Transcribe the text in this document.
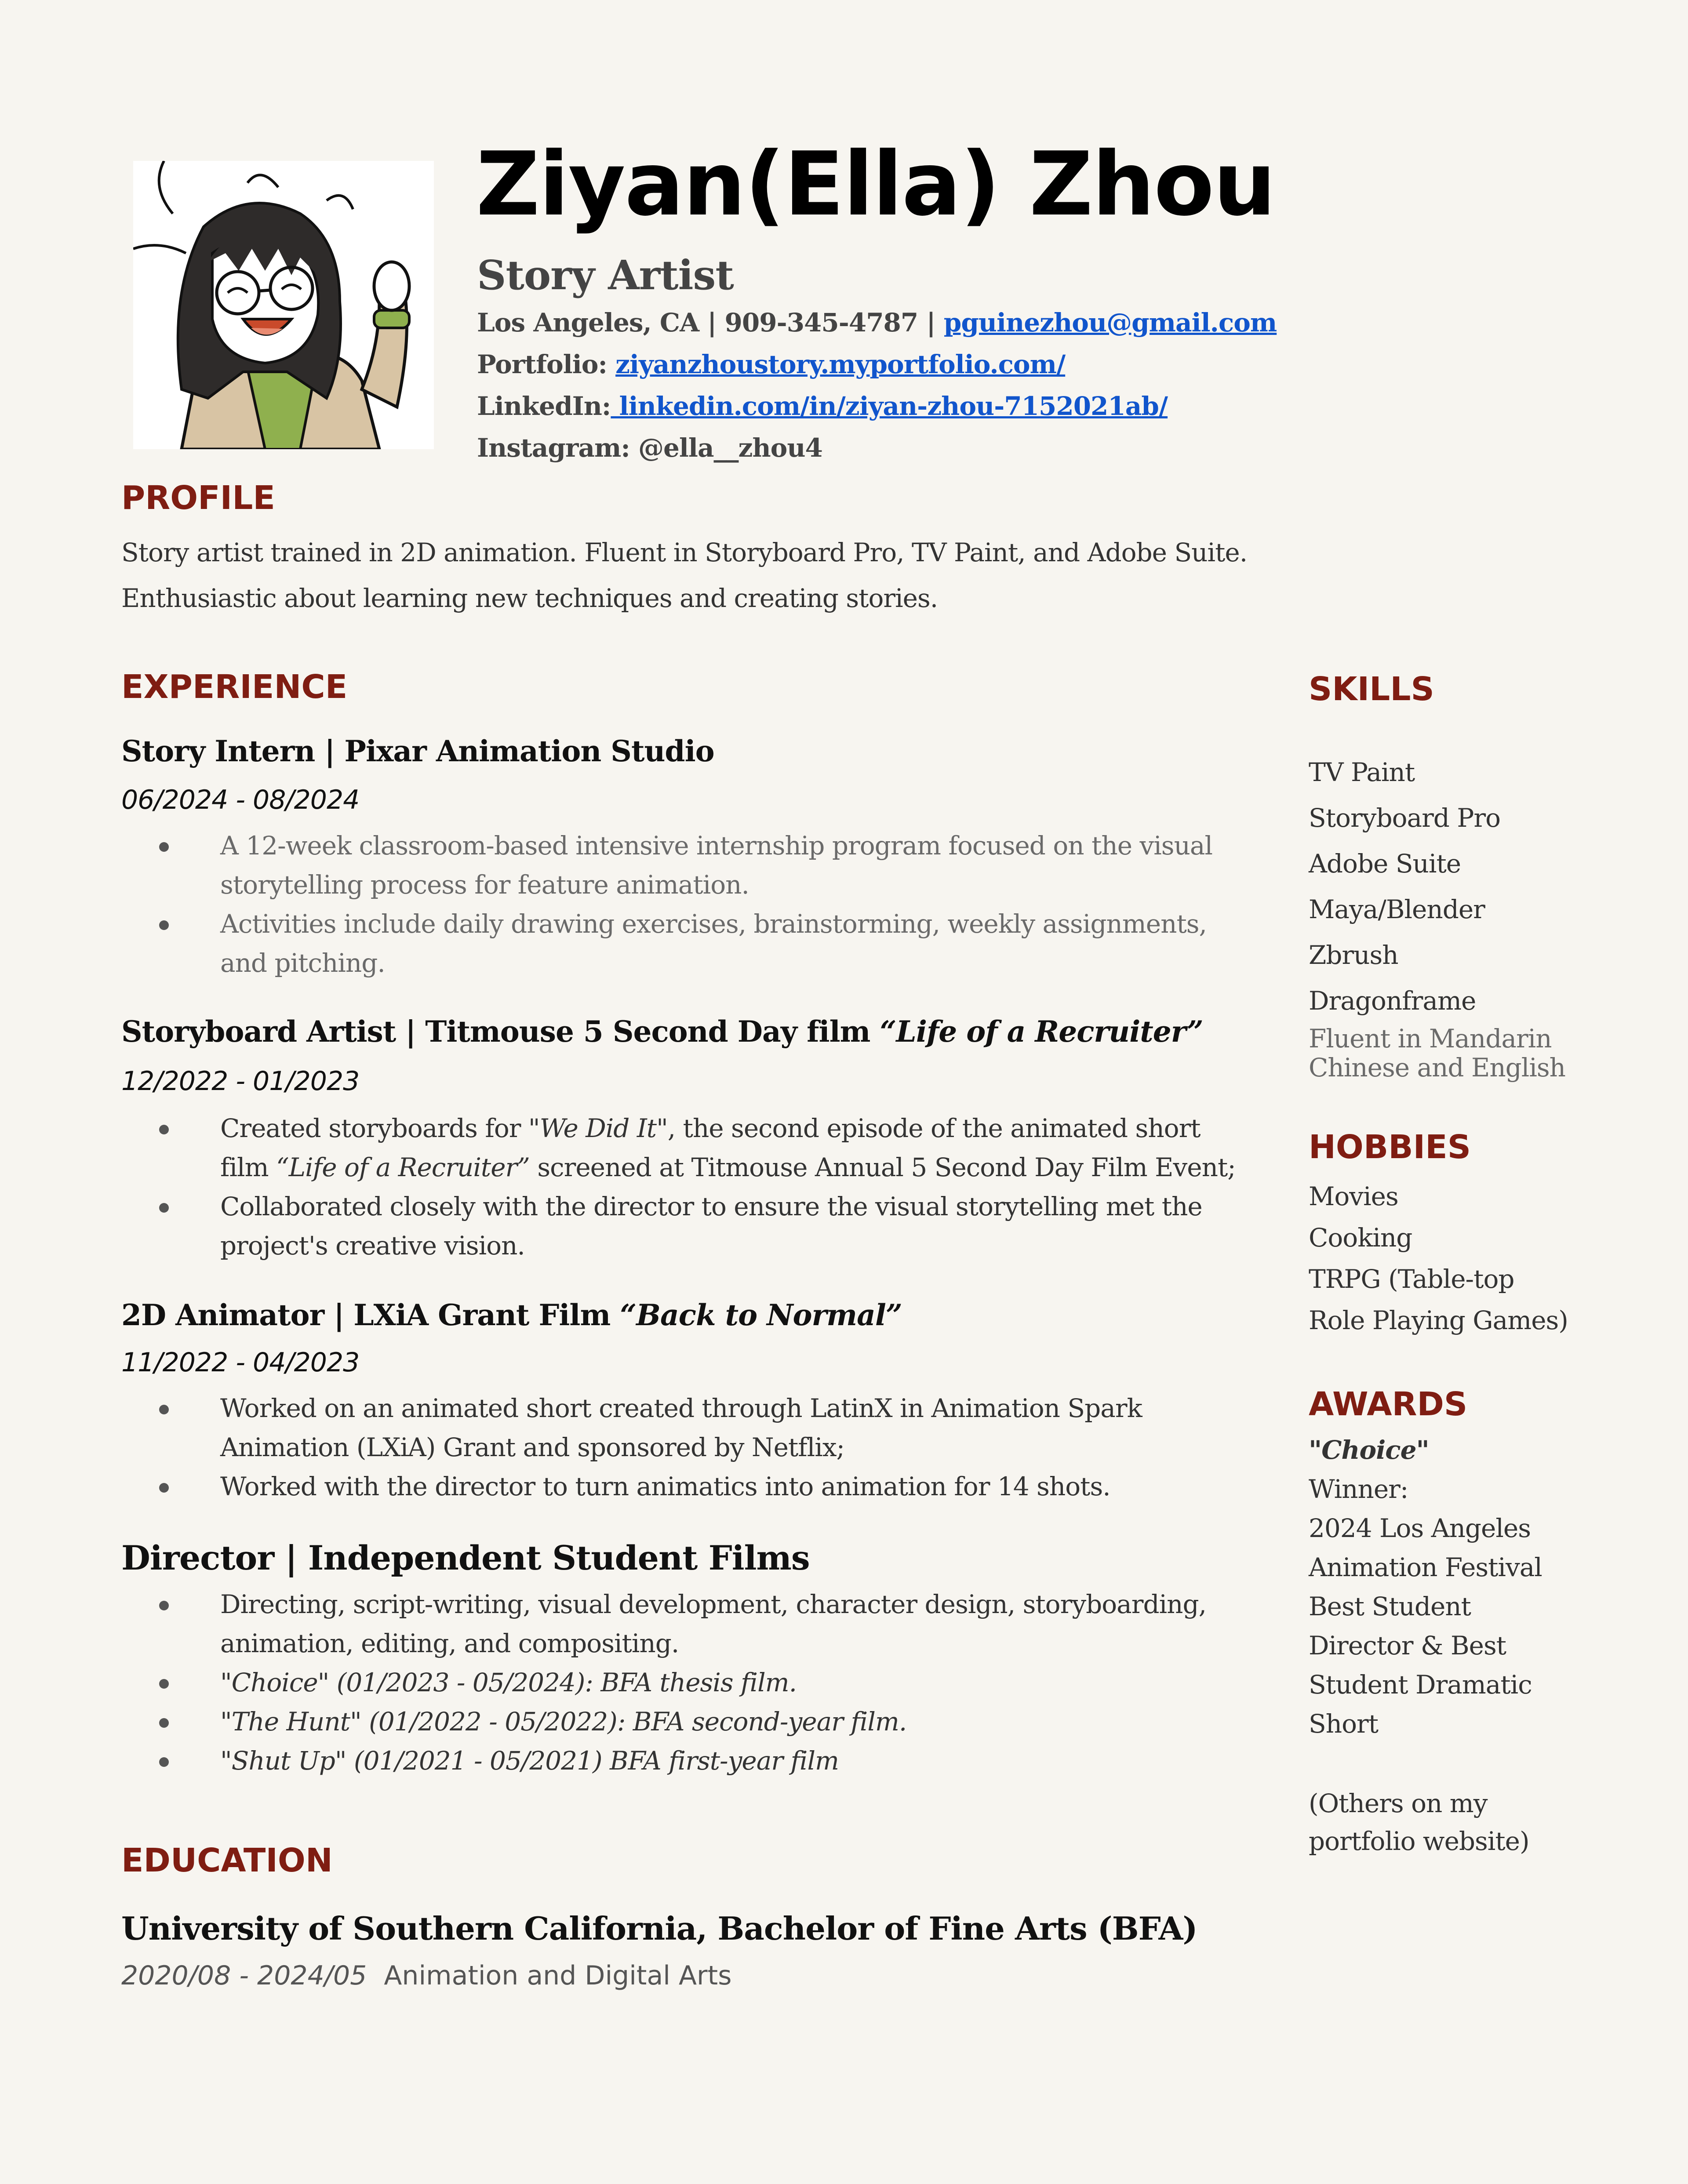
Ziyan(Ella) Zhou
Story Artist
Los Angeles, CA | 909-345-4787 | pguinezhou@gmail.com
Portfolio: ziyanzhoustory.myportfolio.com/
LinkedIn: linkedin.com/in/ziyan-zhou-7152021ab/
Instagram: @ella__zhou4
PROFILE
Story artist trained in 2D animation. Fluent in Storyboard Pro, TV Paint, and Adobe Suite.
Enthusiastic about learning new techniques and creating stories.
EXPERIENCE
Story Intern | Pixar Animation Studio
06/2024 - 08/2024
A 12-week classroom-based intensive internship program focused on the visual storytelling process for feature animation.
Activities include daily drawing exercises, brainstorming, weekly assignments, and pitching.
Storyboard Artist | Titmouse 5 Second Day film “Life of a Recruiter”
12/2022 - 01/2023
Created storyboards for "We Did It", the second episode of the animated short film “Life of a Recruiter” screened at Titmouse Annual 5 Second Day Film Event;
Collaborated closely with the director to ensure the visual storytelling met the project's creative vision.
2D Animator | LXiA Grant Film “Back to Normal”
11/2022 - 04/2023
Worked on an animated short created through LatinX in Animation Spark Animation (LXiA) Grant and sponsored by Netflix;
Worked with the director to turn animatics into animation for 14 shots.
Director | Independent Student Films
Directing, script-writing, visual development, character design, storyboarding, animation, editing, and compositing.
"Choice" (01/2023 - 05/2024): BFA thesis film.
"The Hunt" (01/2022 - 05/2022): BFA second-year film.
"Shut Up" (01/2021 - 05/2021) BFA first-year film
EDUCATION
University of Southern California, Bachelor of Fine Arts (BFA)
2020/08 - 2024/05 Animation and Digital Arts
SKILLS
TV Paint
Storyboard Pro
Adobe Suite
Maya/Blender
Zbrush
Dragonframe
Fluent in Mandarin
Chinese and English
HOBBIES
Movies
Cooking
TRPG (Table-top
Role Playing Games)
AWARDS
"Choice"
Winner:
2024 Los Angeles
Animation Festival
Best Student
Director & Best
Student Dramatic
Short
(Others on my
portfolio website)
